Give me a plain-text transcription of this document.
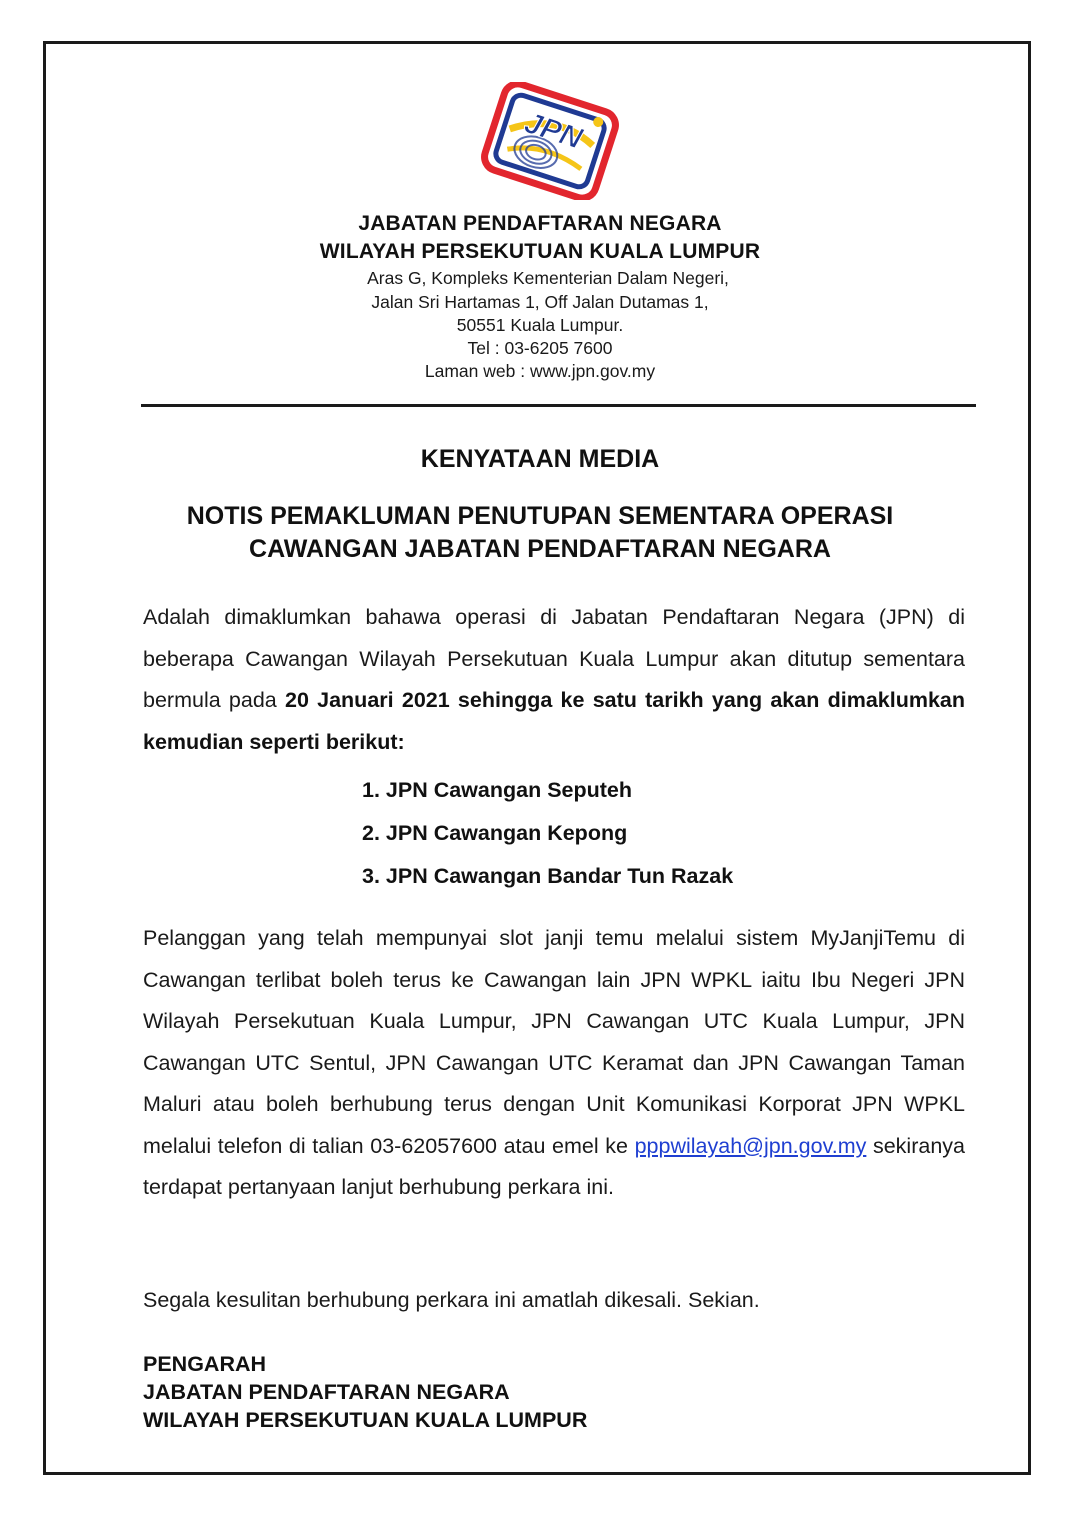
JPN
JABATAN PENDAFTARAN NEGARA
WILAYAH PERSEKUTUAN KUALA LUMPUR
Aras G, Kompleks Kementerian Dalam Negeri,
Jalan Sri Hartamas 1, Off Jalan Dutamas 1,
50551 Kuala Lumpur.
Tel : 03-6205 7600
Laman web : www.jpn.gov.my
KENYATAAN MEDIA
NOTIS PEMAKLUMAN PENUTUPAN SEMENTARA OPERASI
CAWANGAN JABATAN PENDAFTARAN NEGARA
Adalah dimaklumkan bahawa operasi di Jabatan Pendaftaran Negara (JPN) di beberapa Cawangan Wilayah Persekutuan Kuala Lumpur akan ditutup sementara bermula pada 20 Januari 2021 sehingga ke satu tarikh yang akan dimaklumkan kemudian seperti berikut:
1. JPN Cawangan Seputeh
2. JPN Cawangan Kepong
3. JPN Cawangan Bandar Tun Razak
Pelanggan yang telah mempunyai slot janji temu melalui sistem MyJanjiTemu di Cawangan terlibat boleh terus ke Cawangan lain JPN WPKL iaitu Ibu Negeri JPN Wilayah Persekutuan Kuala Lumpur, JPN Cawangan UTC Kuala Lumpur, JPN Cawangan UTC Sentul, JPN Cawangan UTC Keramat dan JPN Cawangan Taman Maluri atau boleh berhubung terus dengan Unit Komunikasi Korporat JPN WPKL melalui telefon di talian 03-62057600 atau emel ke pppwilayah@jpn.gov.my sekiranya terdapat pertanyaan lanjut berhubung perkara ini.
Segala kesulitan berhubung perkara ini amatlah dikesali. Sekian.
PENGARAH
JABATAN PENDAFTARAN NEGARA
WILAYAH PERSEKUTUAN KUALA LUMPUR
